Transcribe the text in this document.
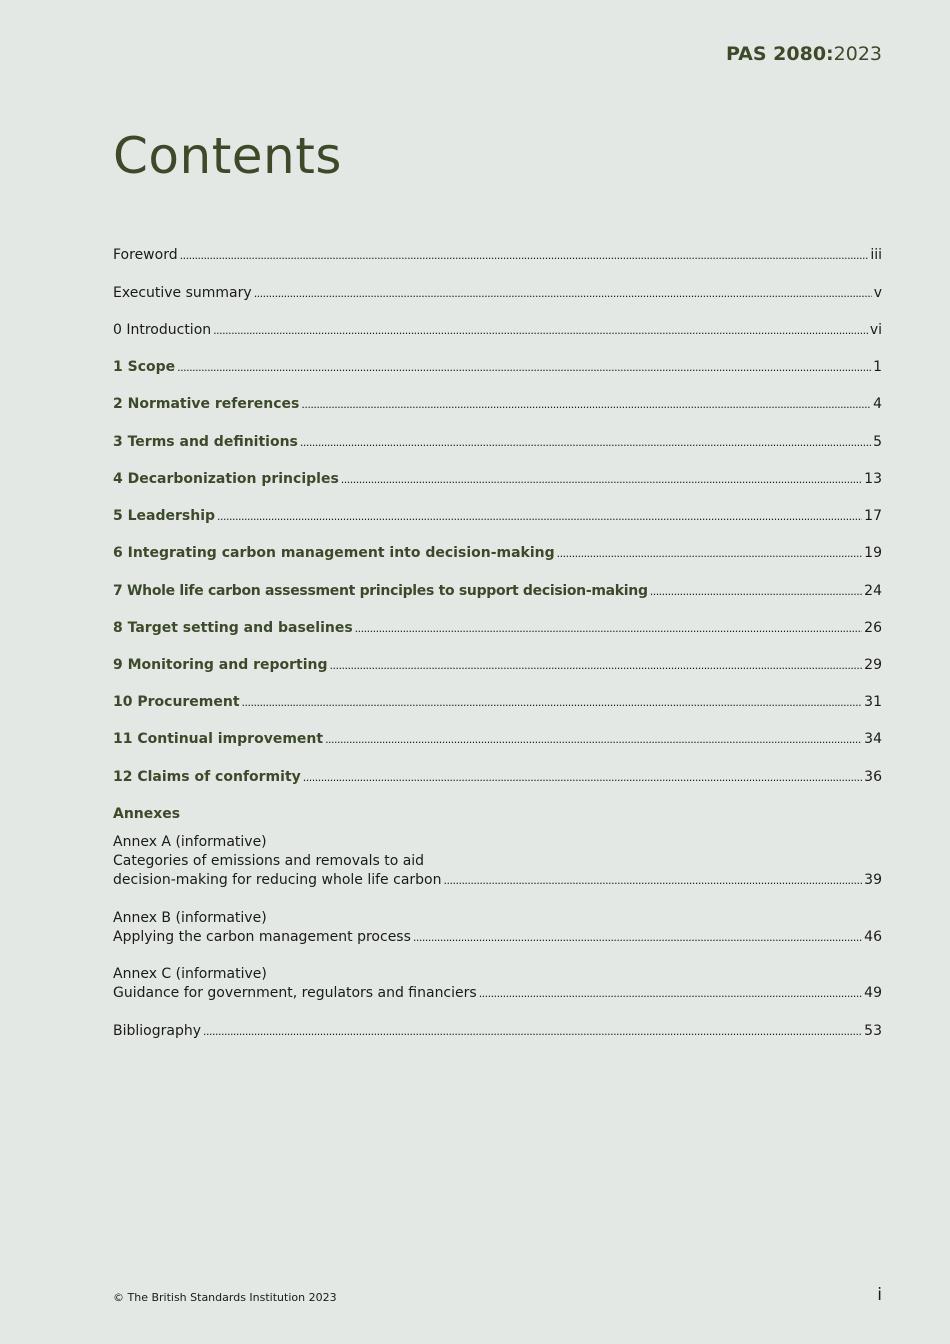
PAS 2080:2023
Contents
Foreword . . .	iii
Executive summary . . .	v
0 Introduction . . .	vi
1 Scope . . .	1
2 Normative references . . .	4
3 Terms and definitions . . .	5
4 Decarbonization principles . . .	13
5 Leadership . . .	17
6 Integrating carbon management into decision-making . . .	19
7 Whole life carbon assessment principles to support decision-making . . .	24
8 Target setting and baselines . . .	26
9 Monitoring and reporting . . .	29
10 Procurement . . .	31
11 Continual improvement . . .	34
12 Claims of conformity . . .	36
Annexes
Annex A (informative)
Categories of emissions and removals to aid
decision-making for reducing whole life carbon . . .	39
Annex B (informative)
Applying the carbon management process . . .	46
Annex C (informative)
Guidance for government, regulators and financiers . . .	49
Bibliography . . .	53
© The British Standards Institution 2023	i
